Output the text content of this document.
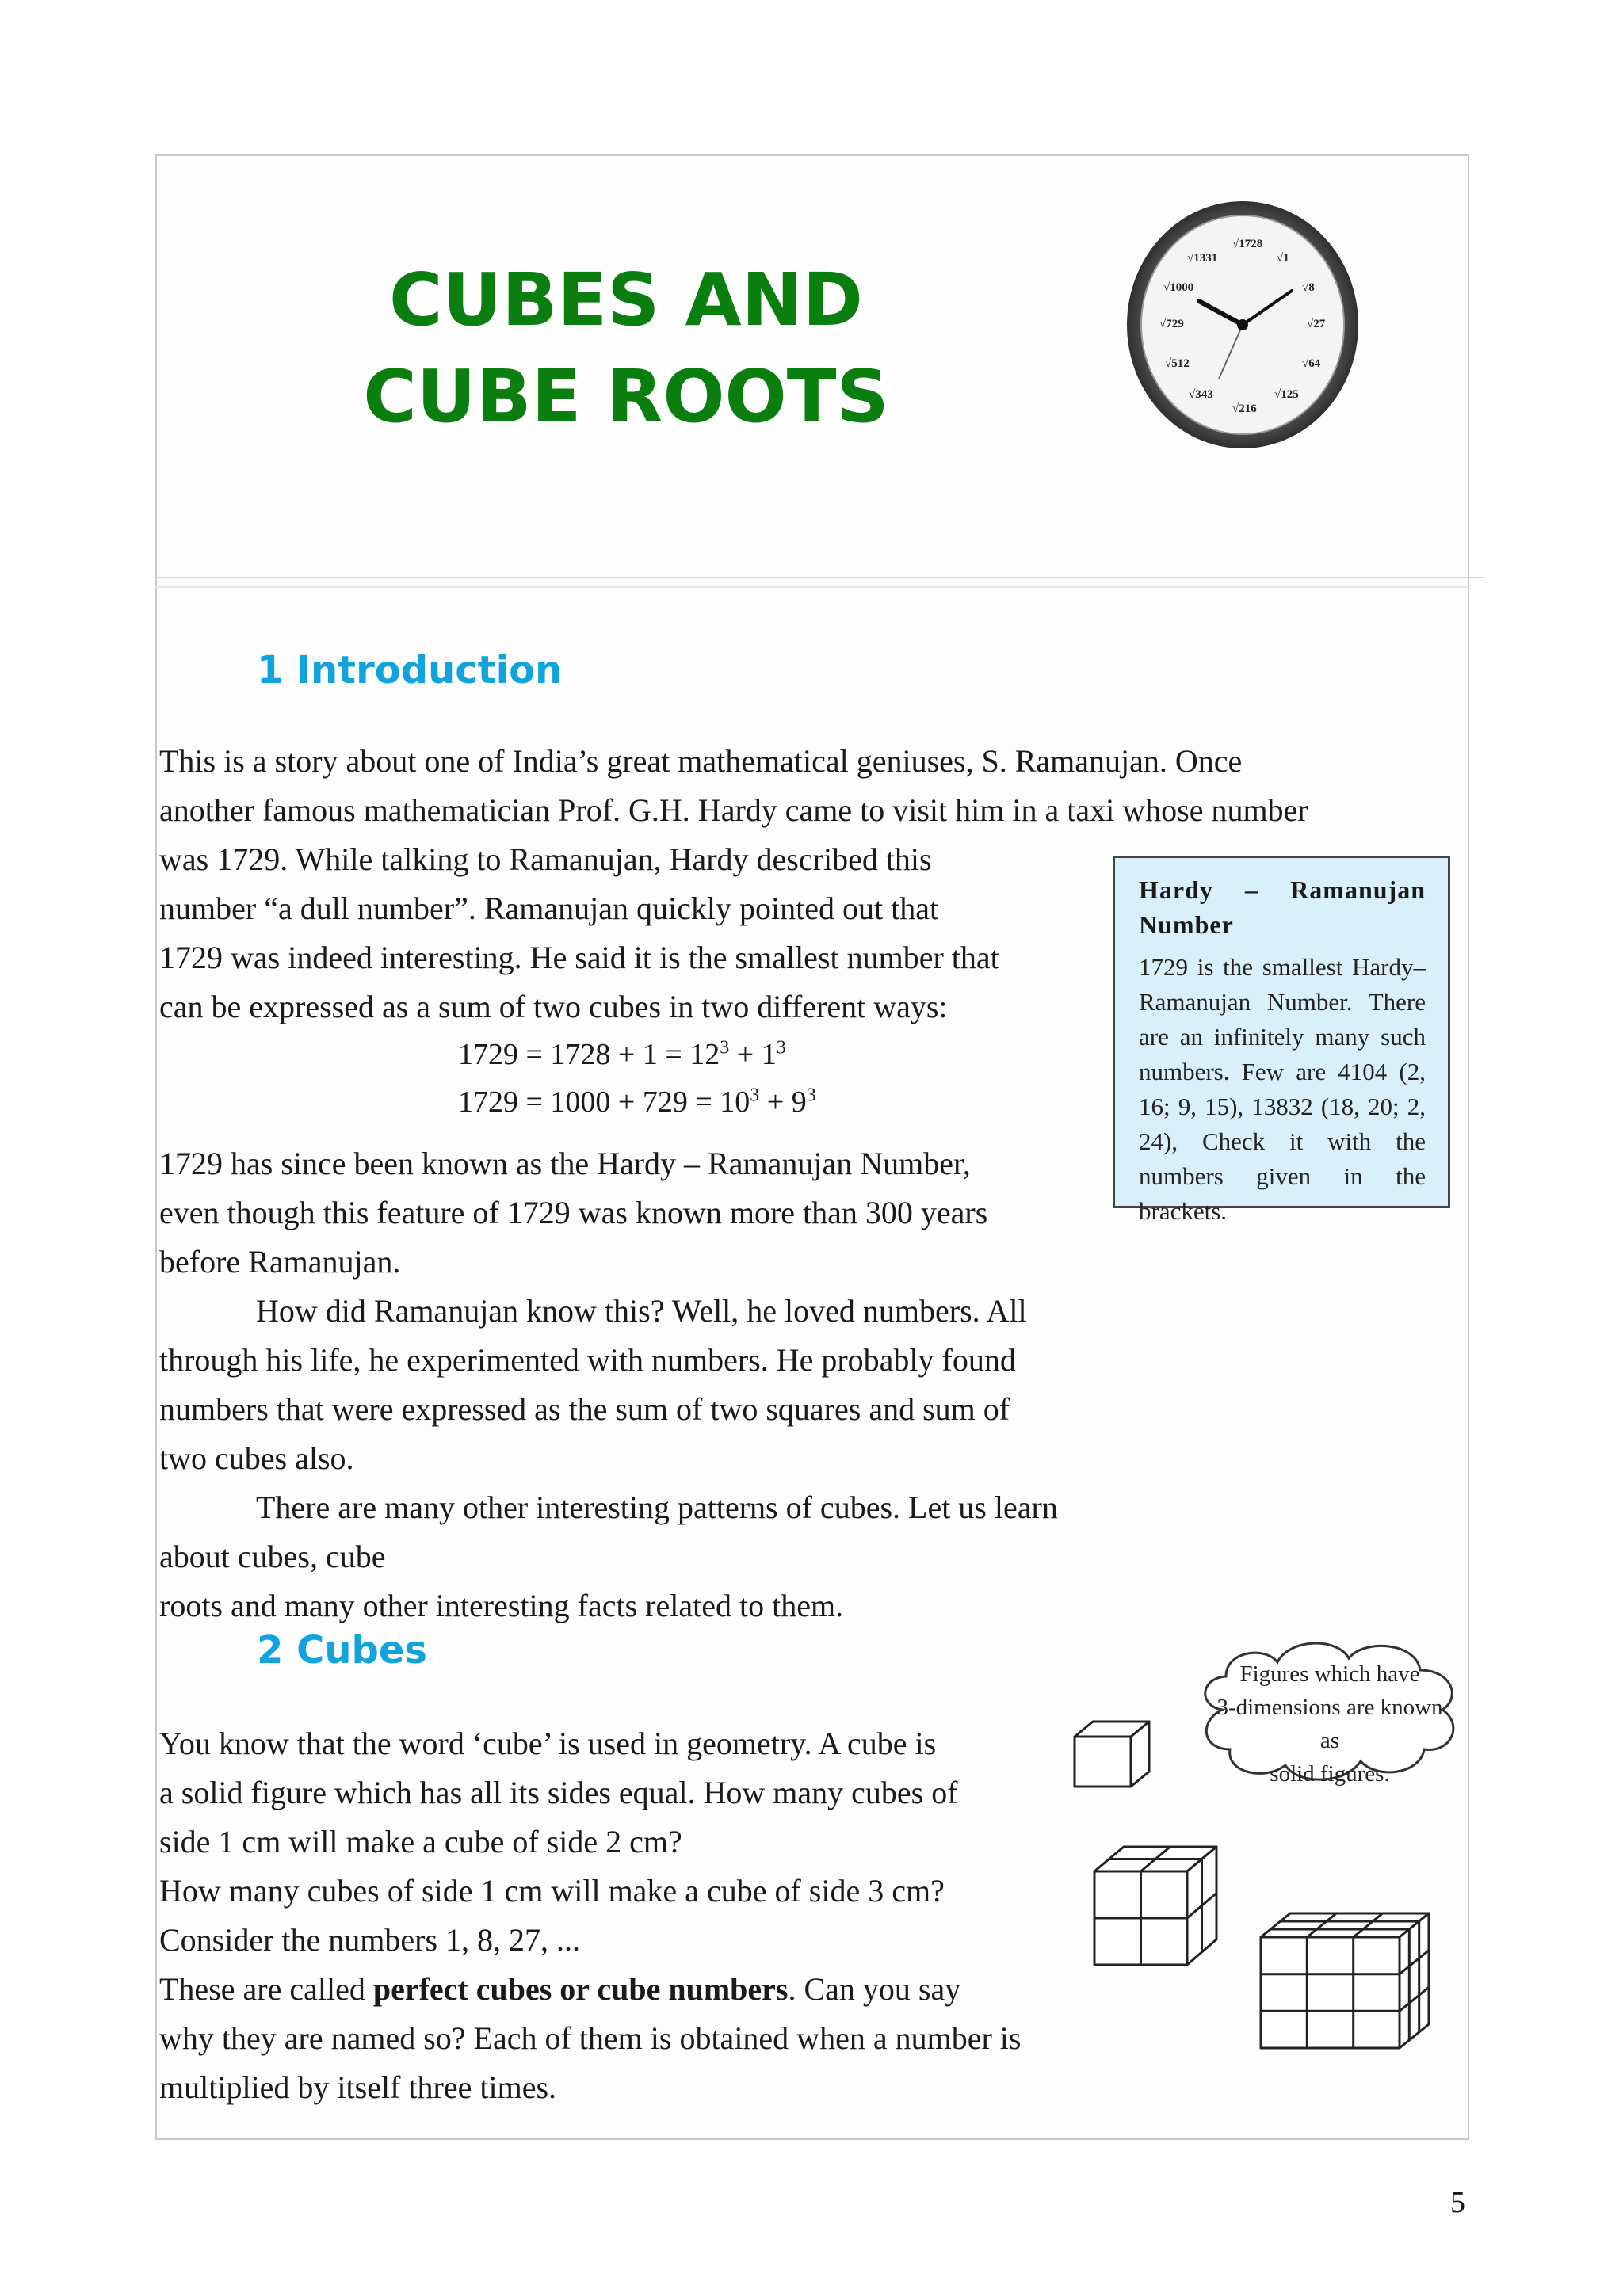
CUBES AND
CUBE ROOTS
√1728
√1
√8
√27
√64
√125
√216
√343
√512
√729
√1000
√1331
1 Introduction

This is a story about one of India’s great mathematical geniuses, S. Ramanujan. Once
another famous mathematician Prof. G.H. Hardy came to visit him in a taxi whose number
was 1729. While talking to Ramanujan, Hardy described this
number “a dull number”. Ramanujan quickly pointed out that
1729 was indeed interesting. He said it is the smallest number that
can be expressed as a sum of two cubes in two different ways:

$1729 = 1728 + 1 = 12^3 + 1^3$

$1729 = 1000 + 729 = 10^3 + 9^3$

1729 has since been known as the Hardy – Ramanujan Number,
even though this feature of 1729 was known more than 300 years
before Ramanujan.
How did Ramanujan know this? Well, he loved numbers. All
through his life, he experimented with numbers. He probably found
numbers that were expressed as the sum of two squares and sum of
two cubes also.
There are many other interesting patterns of cubes. Let us learn about cubes, cube
roots and many other interesting facts related to them.

Hardy – Ramanujan Number

1729 is the smallest Hardy–Ramanujan Number. There are an infinitely many such numbers. Few are 4104 (2, 16; 9, 15), 13832 (18, 20; 2, 24), Check it with the numbers given in the brackets.

2 Cubes

You know that the word ‘cube’ is used in geometry. A cube is
a solid figure which has all its sides equal. How many cubes of
side 1 cm will make a cube of side 2 cm?
How many cubes of side 1 cm will make a cube of side 3 cm?
Consider the numbers 1, 8, 27, ...
These are called perfect cubes or cube numbers. Can you say
why they are named so? Each of them is obtained when a number is
multiplied by itself three times.

Figures which have
3-dimensions are known as
solid figures.

5
